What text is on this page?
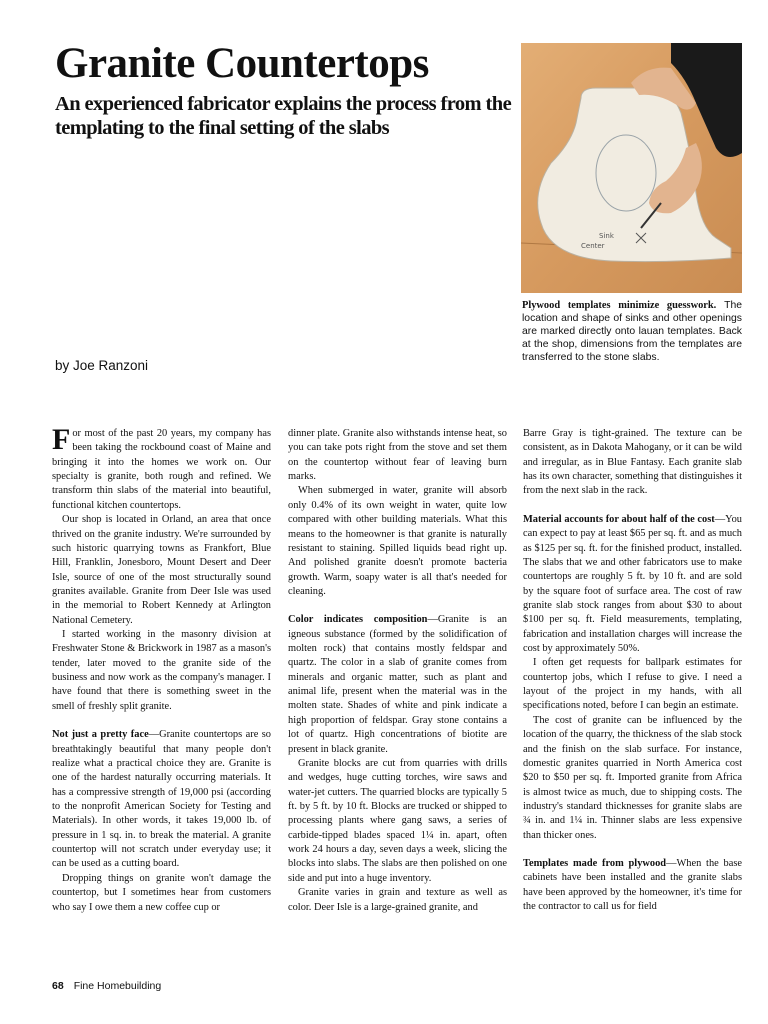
Granite Countertops
An experienced fabricator explains the process from the templating to the final setting of the slabs
by Joe Ranzoni
Sink
Center
Plywood templates minimize guesswork. The location and shape of sinks and other openings are marked directly onto lauan templates. Back at the shop, dimensions from the templates are transferred to the stone slabs.

For most of the past 20 years, my company has been taking the rockbound coast of Maine and bringing it into the homes we work on. Our specialty is granite, both rough and refined. We transform thin slabs of the material into beautiful, functional kitchen countertops.

Our shop is located in Orland, an area that once thrived on the granite industry. We're surrounded by such historic quarrying towns as Frankfort, Blue Hill, Franklin, Jonesboro, Mount Desert and Deer Isle, source of one of the most structurally sound granites available. Granite from Deer Isle was used in the memorial to Robert Kennedy at Arlington National Cemetery.

I started working in the masonry division at Freshwater Stone & Brickwork in 1987 as a mason's tender, later moved to the granite side of the business and now work as the company's manager. I have found that there is something sweet in the smell of freshly split granite.

Not just a pretty face—Granite countertops are so breathtakingly beautiful that many people don't realize what a practical choice they are. Granite is one of the hardest naturally occurring materials. It has a compressive strength of 19,000 psi (according to the nonprofit American Society for Testing and Materials). In other words, it takes 19,000 lb. of pressure in 1 sq. in. to break the material. A granite countertop will not scratch under everyday use; it can be used as a cutting board.

Dropping things on granite won't damage the countertop, but I sometimes hear from customers who say I owe them a new coffee cup or

dinner plate. Granite also withstands intense heat, so you can take pots right from the stove and set them on the countertop without fear of leaving burn marks.

When submerged in water, granite will absorb only 0.4% of its own weight in water, quite low compared with other building materials. What this means to the homeowner is that granite is naturally resistant to staining. Spilled liquids bead right up. And polished granite doesn't promote bacteria growth. Warm, soapy water is all that's needed for cleaning.

Color indicates composition—Granite is an igneous substance (formed by the solidification of molten rock) that contains mostly feldspar and quartz. The color in a slab of granite comes from minerals and organic matter, such as plant and animal life, present when the material was in the molten state. Shades of white and pink indicate a high proportion of feldspar. Gray stone contains a lot of quartz. High concentrations of biotite are present in black granite.

Granite blocks are cut from quarries with drills and wedges, huge cutting torches, wire saws and water-jet cutters. The quarried blocks are typically 5 ft. by 5 ft. by 10 ft. Blocks are trucked or shipped to processing plants where gang saws, a series of carbide-tipped blades spaced 1¼ in. apart, often work 24 hours a day, seven days a week, slicing the blocks into slabs. The slabs are then polished on one side and put into a huge inventory.

Granite varies in grain and texture as well as color. Deer Isle is a large-grained granite, and

Barre Gray is tight-grained. The texture can be consistent, as in Dakota Mahogany, or it can be wild and irregular, as in Blue Fantasy. Each granite slab has its own character, something that distinguishes it from the next slab in the rack.

Material accounts for about half of the cost—You can expect to pay at least $65 per sq. ft. and as much as $125 per sq. ft. for the finished product, installed. The slabs that we and other fabricators use to make countertops are roughly 5 ft. by 10 ft. and are sold by the square foot of surface area. The cost of raw granite slab stock ranges from about $30 to about $100 per sq. ft. Field measurements, templating, fabrication and installation charges will increase the cost by approximately 50%.

I often get requests for ballpark estimates for countertop jobs, which I refuse to give. I need a layout of the project in my hands, with all specifications noted, before I can begin an estimate.

The cost of granite can be influenced by the location of the quarry, the thickness of the slab stock and the finish on the slab surface. For instance, domestic granites quarried in North America cost $20 to $50 per sq. ft. Imported granite from Africa is almost twice as much, due to shipping costs. The industry's standard thicknesses for granite slabs are ¾ in. and 1¼ in. Thinner slabs are less expensive than thicker ones.

Templates made from plywood—When the base cabinets have been installed and the granite slabs have been approved by the homeowner, it's time for the contractor to call us for field

68 Fine Homebuilding
